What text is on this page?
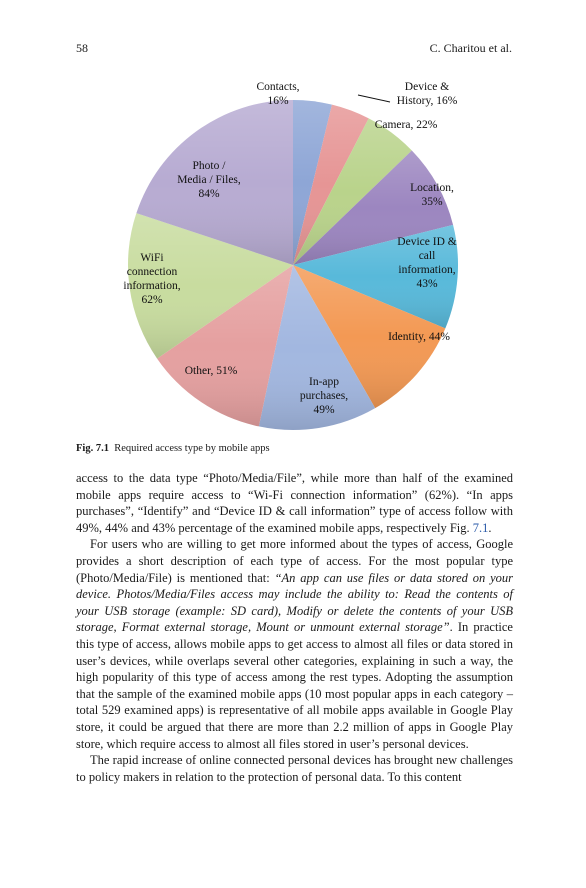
58	C. Charitou et al.
Contacts, 16%
Device & History, 16%
Camera, 22%
Location, 35%
Device ID & call information, 43%
Identity, 44%
In-app purchases, 49%
Other, 51%
WiFi connection information, 62%
Photo / Media / Files, 84%
Fig. 7.1 Required access type by mobile apps

access to the data type “Photo/Media/File”, while more than half of the examined mobile apps require access to “Wi-Fi connection information” (62%). “In apps purchases”, “Identify” and “Device ID & call information” type of access follow with 49%, 44% and 43% percentage of the examined mobile apps, respectively Fig. 7.1.

For users who are willing to get more informed about the types of access, Google provides a short description of each type of access. For the most popular type (Photo/Media/File) is mentioned that: “An app can use files or data stored on your device. Photos/Media/Files access may include the ability to: Read the contents of your USB storage (example: SD card), Modify or delete the contents of your USB storage, Format external storage, Mount or unmount external storage”. In practice this type of access, allows mobile apps to get access to almost all files or data stored in user’s devices, while overlaps several other categories, explaining in such a way, the high popularity of this type of access among the rest types. Adopting the assumption that the sample of the examined mobile apps (10 most popular apps in each category – total 529 examined apps) is representative of all mobile apps available in Google Play store, it could be argued that there are more than 2.2 million of apps in Google Play store, which require access to almost all files stored in user’s personal devices.

The rapid increase of online connected personal devices has brought new challenges to policy makers in relation to the protection of personal data. To this content
